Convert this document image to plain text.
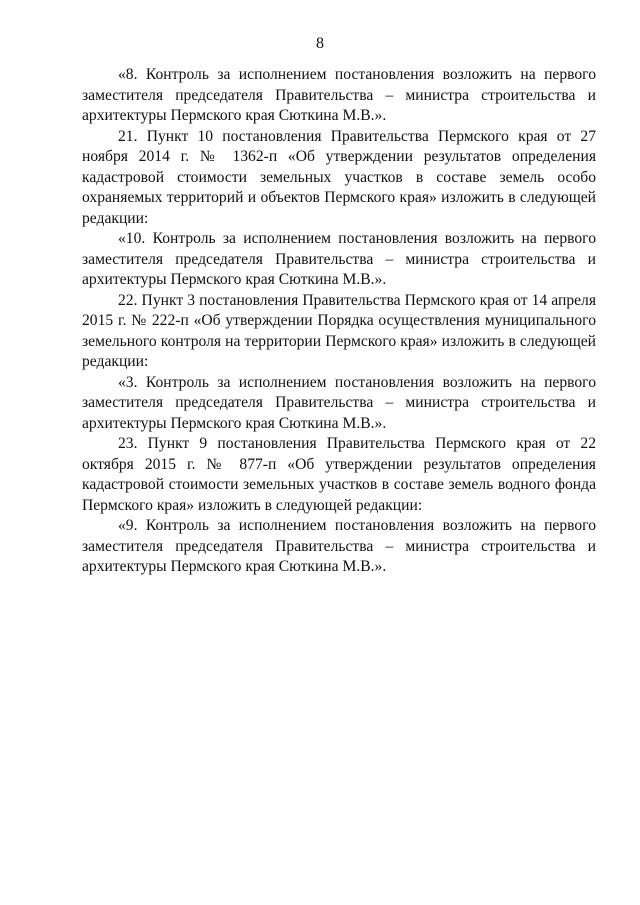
8

«8. Контроль за исполнением постановления возложить на первого заместителя председателя Правительства – министра строительства и архитектуры Пермского края Сюткина М.В.».

21. Пункт 10 постановления Правительства Пермского края от 27 ноября 2014 г. № 1362-п «Об утверждении результатов определения кадастровой стоимости земельных участков в составе земель особо охраняемых территорий и объектов Пермского края» изложить в следующей редакции:

«10. Контроль за исполнением постановления возложить на первого заместителя председателя Правительства – министра строительства и архитектуры Пермского края Сюткина М.В.».

22. Пункт 3 постановления Правительства Пермского края от 14 апреля 2015 г. № 222-п «Об утверждении Порядка осуществления муниципального земельного контроля на территории Пермского края» изложить в следующей редакции:

«3. Контроль за исполнением постановления возложить на первого заместителя председателя Правительства – министра строительства и архитектуры Пермского края Сюткина М.В.».

23. Пункт 9 постановления Правительства Пермского края от 22 октября 2015 г. № 877-п «Об утверждении результатов определения кадастровой стоимости земельных участков в составе земель водного фонда Пермского края» изложить в следующей редакции:

«9. Контроль за исполнением постановления возложить на первого заместителя председателя Правительства – министра строительства и архитектуры Пермского края Сюткина М.В.».
